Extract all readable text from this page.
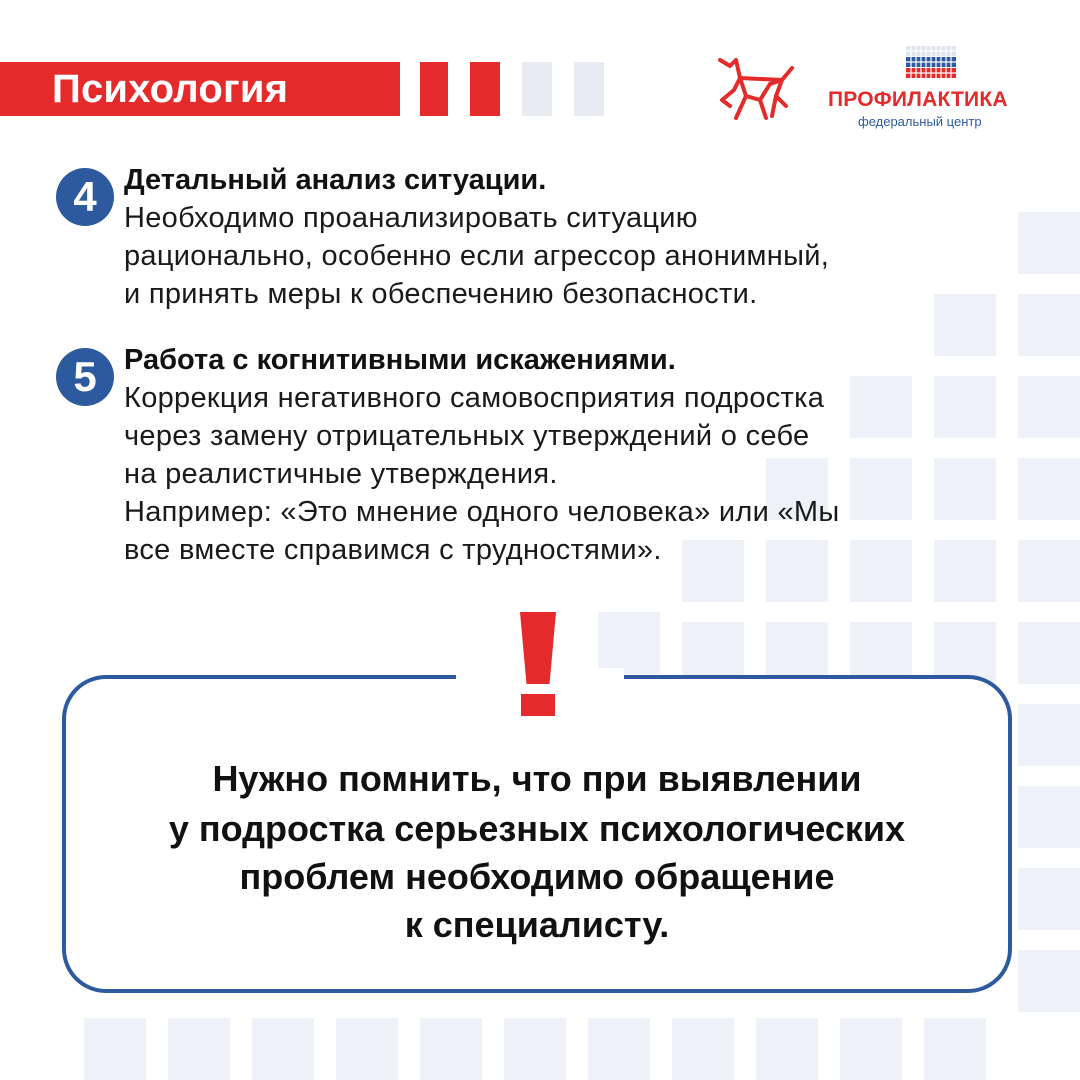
Психология	ПРОФИЛАКТИКА
федеральный центр
4 Детальный анализ ситуации.
Необходимо проанализировать ситуацию
рационально, особенно если агрессор анонимный,
и принять меры к обеспечению безопасности.
5 Работа с когнитивными искажениями.
Коррекция негативного самовосприятия подростка
через замену отрицательных утверждений о себе
на реалистичные утверждения.
Например: «Это мнение одного человека» или «Мы
все вместе справимся с трудностями».
Нужно помнить, что при выявлении
у подростка серьезных психологических
проблем необходимо обращение
к специалисту.
